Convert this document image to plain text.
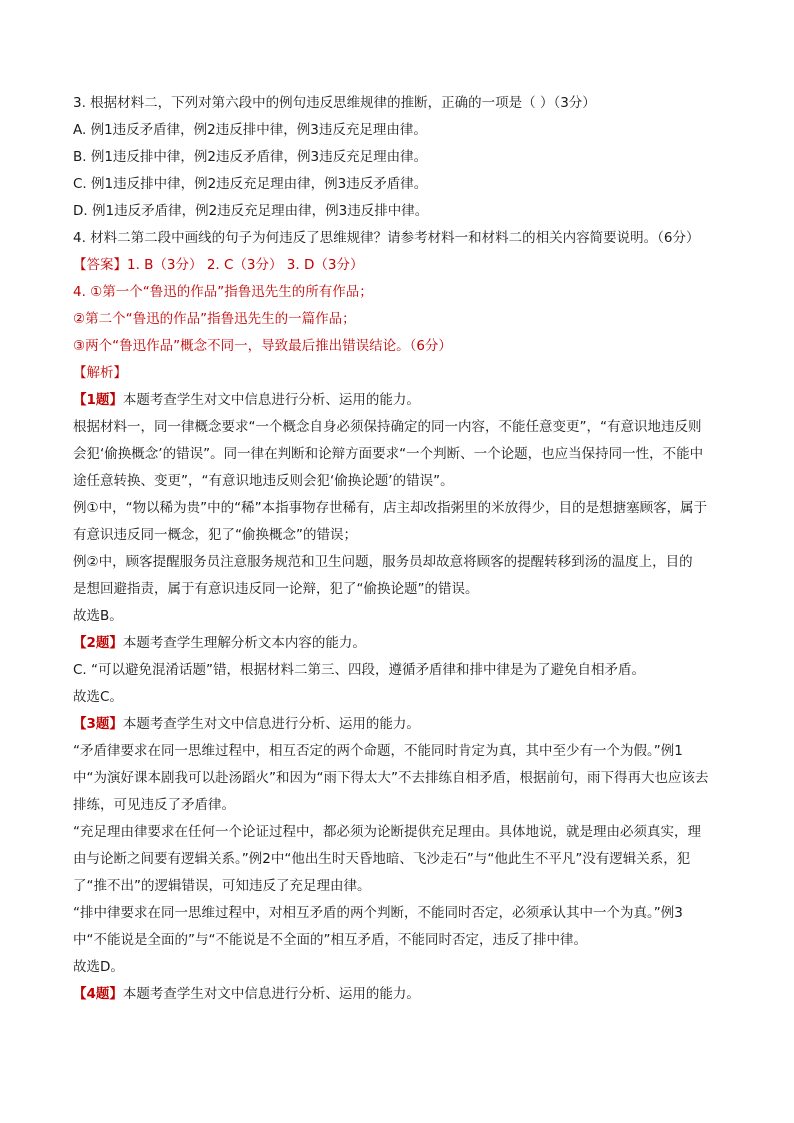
3. 根据材料二，下列对第六段中的例句违反思维规律的推断，正确的一项是（ ）（3分）
A. 例1违反矛盾律，例2违反排中律，例3违反充足理由律。
B. 例1违反排中律，例2违反矛盾律，例3违反充足理由律。
C. 例1违反排中律，例2违反充足理由律，例3违反矛盾律。
D. 例1违反矛盾律，例2违反充足理由律，例3违反排中律。
4. 材料二第二段中画线的句子为何违反了思维规律？请参考材料一和材料二的相关内容简要说明。（6分）
【答案】1. B（3分） 2. C（3分） 3. D（3分）
4. ①第一个“鲁迅的作品”指鲁迅先生的所有作品；
②第二个“鲁迅的作品”指鲁迅先生的一篇作品；
③两个“鲁迅作品”概念不同一，导致最后推出错误结论。（6分）
【解析】
【1题】本题考查学生对文中信息进行分析、运用的能力。
根据材料一，同一律概念要求“一个概念自身必须保持确定的同一内容，不能任意变更”，“有意识地违反则
会犯‘偷换概念’的错误”。同一律在判断和论辩方面要求“一个判断、一个论题，也应当保持同一性，不能中
途任意转换、变更”，“有意识地违反则会犯‘偷换论题’的错误”。
例①中，“物以稀为贵”中的“稀”本指事物存世稀有，店主却改指粥里的米放得少，目的是想搪塞顾客，属于
有意识违反同一概念，犯了“偷换概念”的错误；
例②中，顾客提醒服务员注意服务规范和卫生问题，服务员却故意将顾客的提醒转移到汤的温度上，目的
是想回避指责，属于有意识违反同一论辩，犯了“偷换论题”的错误。
故选B。
【2题】本题考查学生理解分析文本内容的能力。
C. “可以避免混淆话题”错，根据材料二第三、四段，遵循矛盾律和排中律是为了避免自相矛盾。
故选C。
【3题】本题考查学生对文中信息进行分析、运用的能力。
“矛盾律要求在同一思维过程中，相互否定的两个命题，不能同时肯定为真，其中至少有一个为假。”例1
中“为演好课本剧我可以赴汤蹈火”和因为“雨下得太大”不去排练自相矛盾，根据前句，雨下得再大也应该去
排练，可见违反了矛盾律。
“充足理由律要求在任何一个论证过程中，都必须为论断提供充足理由。具体地说，就是理由必须真实，理
由与论断之间要有逻辑关系。”例2中“他出生时天昏地暗、飞沙走石”与“他此生不平凡”没有逻辑关系，犯
了“推不出”的逻辑错误，可知违反了充足理由律。
“排中律要求在同一思维过程中，对相互矛盾的两个判断，不能同时否定，必须承认其中一个为真。”例3
中“不能说是全面的”与“不能说是不全面的”相互矛盾，不能同时否定，违反了排中律。
故选D。
【4题】本题考查学生对文中信息进行分析、运用的能力。
